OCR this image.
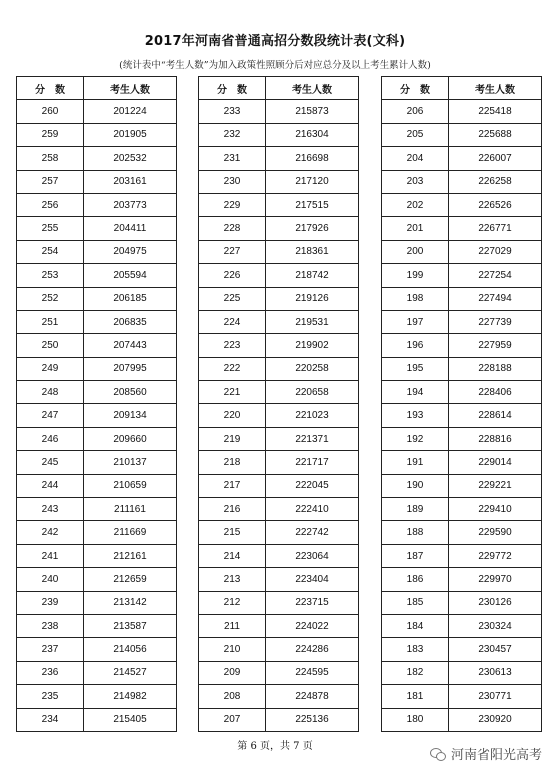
2017年河南省普通高招分数段统计表(文科)
(统计表中“考生人数”为加入政策性照顾分后对应总分及以上考生累计人数)
分　数	考生人数
260	201224
259	201905
258	202532
257	203161
256	203773
255	204411
254	204975
253	205594
252	206185
251	206835
250	207443
249	207995
248	208560
247	209134
246	209660
245	210137
244	210659
243	211161
242	211669
241	212161
240	212659
239	213142
238	213587
237	214056
236	214527
235	214982
234	215405
分　数	考生人数
233	215873
232	216304
231	216698
230	217120
229	217515
228	217926
227	218361
226	218742
225	219126
224	219531
223	219902
222	220258
221	220658
220	221023
219	221371
218	221717
217	222045
216	222410
215	222742
214	223064
213	223404
212	223715
211	224022
210	224286
209	224595
208	224878
207	225136
分　数	考生人数
206	225418
205	225688
204	226007
203	226258
202	226526
201	226771
200	227029
199	227254
198	227494
197	227739
196	227959
195	228188
194	228406
193	228614
192	228816
191	229014
190	229221
189	229410
188	229590
187	229772
186	229970
185	230126
184	230324
183	230457
182	230613
181	230771
180	230920
第 6 页，共 7 页
河南省阳光高考
